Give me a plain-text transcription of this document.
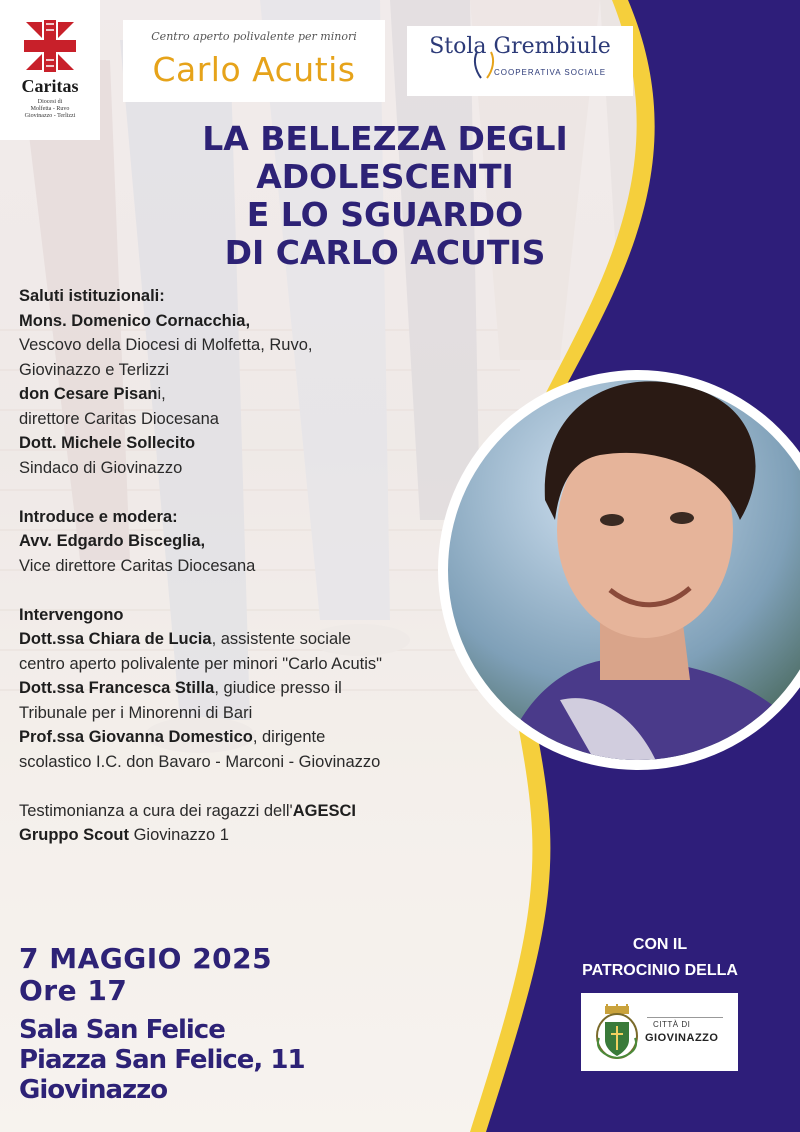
Caritas
Diocesi di
Molfetta - Ruvo
Giovinazzo - Terlizzi
Centro aperto polivalente per minori
Carlo Acutis
Stola Grembiule
COOPERATIVA SOCIALE
LA BELLEZZA DEGLI
ADOLESCENTI
E LO SGUARDO
DI CARLO ACUTIS
Saluti istituzionali:
Mons. Domenico Cornacchia,
Vescovo della Diocesi di Molfetta, Ruvo,
Giovinazzo e Terlizzi
don Cesare Pisani,
direttore Caritas Diocesana
Dott. Michele Sollecito
Sindaco di Giovinazzo
Introduce e modera:
Avv. Edgardo Bisceglia,
Vice direttore Caritas Diocesana
Intervengono
Dott.ssa Chiara de Lucia, assistente sociale
centro aperto polivalente per minori "Carlo Acutis"
Dott.ssa Francesca Stilla, giudice presso il
Tribunale per i Minorenni di Bari
Prof.ssa Giovanna Domestico, dirigente
scolastico I.C. don Bavaro - Marconi - Giovinazzo
Testimonianza a cura dei ragazzi dell'AGESCI
Gruppo Scout Giovinazzo 1
7 MAGGIO 2025
Ore 17
Sala San Felice
Piazza San Felice, 11
Giovinazzo
CON IL
PATROCINIO DELLA
CITTÀ DI
GIOVINAZZO
